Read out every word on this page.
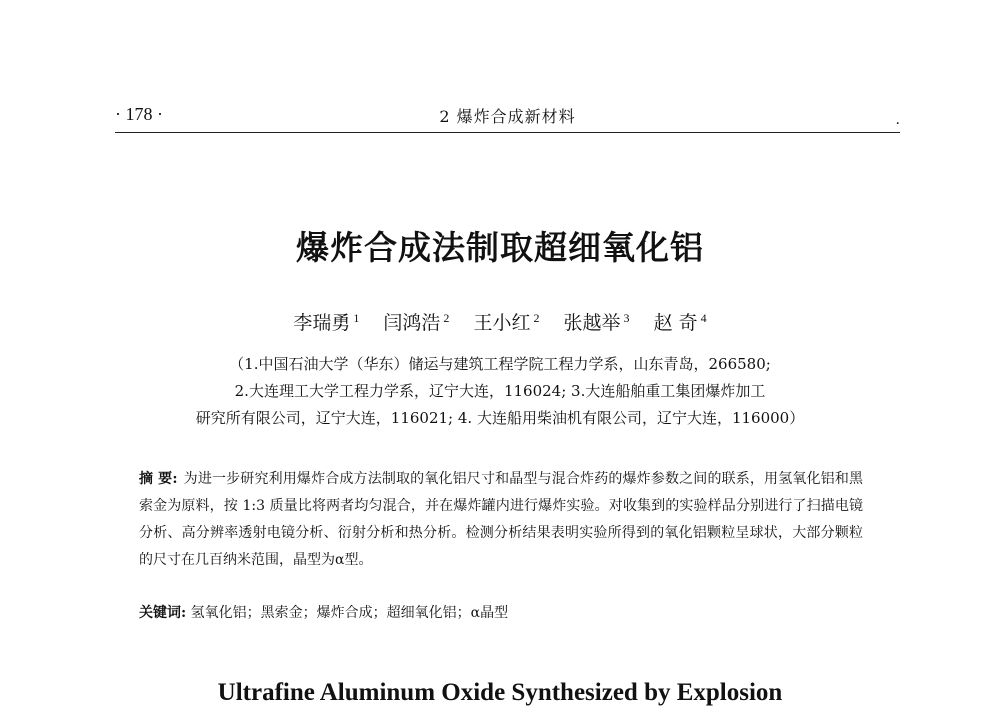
· 178 ·	2 爆炸合成新材料	.
爆炸合成法制取超细氧化铝
李瑞勇 $^1$ 闫鸿浩 $^2$ 王小红 $^2$ 张越举 $^3$ 赵 奇 $^4$
（1.中国石油大学（华东）储运与建筑工程学院工程力学系，山东青岛，266580;
2.大连理工大学工程力学系，辽宁大连，116024; 3.大连船舶重工集团爆炸加工
研究所有限公司，辽宁大连，116021; 4. 大连船用柴油机有限公司，辽宁大连，116000）
摘 要: 为进一步研究利用爆炸合成方法制取的氧化铝尺寸和晶型与混合炸药的爆炸参数之间的联系，用氢氧化铝和黑索金为原料，按 1:3 质量比将两者均匀混合，并在爆炸罐内进行爆炸实验。对收集到的实验样品分别进行了扫描电镜分析、高分辨率透射电镜分析、衍射分析和热分析。检测分析结果表明实验所得到的氧化铝颗粒呈球状，大部分颗粒的尺寸在几百纳米范围，晶型为α型。
关键词: 氢氧化铝；黑索金；爆炸合成；超细氧化铝；α晶型
Ultrafine Aluminum Oxide Synthesized by Explosion
